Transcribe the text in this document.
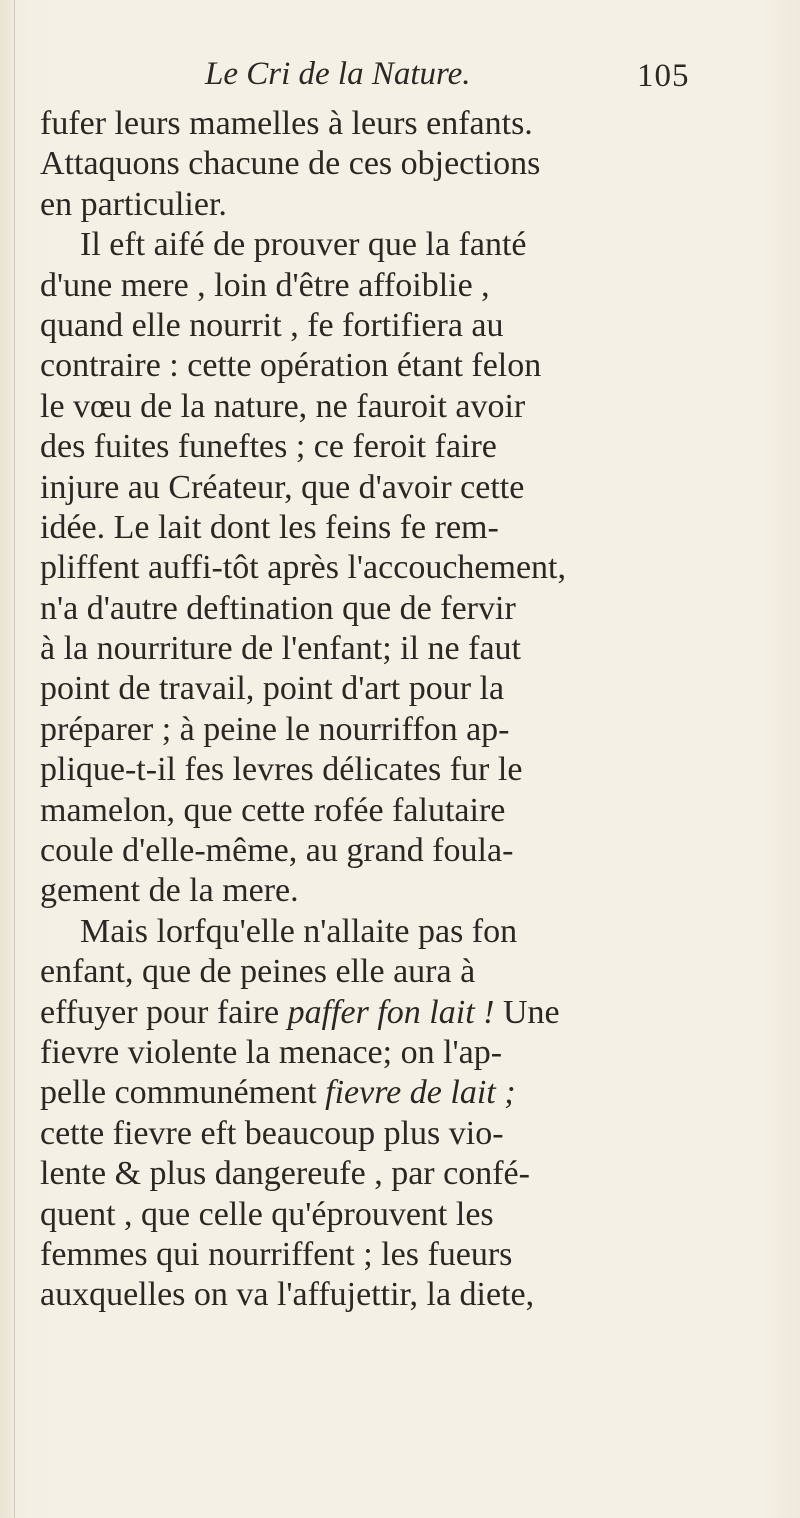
Le Cri de la Nature.	105
fufer leurs mamelles à leurs enfants.
Attaquons chacune de ces objections
en particulier.
Il eft aifé de prouver que la fanté
d'une mere , loin d'être affoiblie ,
quand elle nourrit , fe fortifiera au
contraire : cette opération étant felon
le vœu de la nature, ne fauroit avoir
des fuites funeftes ; ce feroit faire
injure au Créateur, que d'avoir cette
idée. Le lait dont les feins fe rem-
pliffent auffi-tôt après l'accouchement,
n'a d'autre deftination que de fervir
à la nourriture de l'enfant; il ne faut
point de travail, point d'art pour la
préparer ; à peine le nourriffon ap-
plique-t-il fes levres délicates fur le
mamelon, que cette rofée falutaire
coule d'elle-même, au grand foula-
gement de la mere.
Mais lorfqu'elle n'allaite pas fon
enfant, que de peines elle aura à
effuyer pour faire paffer fon lait ! Une
fievre violente la menace; on l'ap-
pelle communément fievre de lait ;
cette fievre eft beaucoup plus vio-
lente & plus dangereufe , par confé-
quent , que celle qu'éprouvent les
femmes qui nourriffent ; les fueurs
auxquelles on va l'affujettir, la diete,
